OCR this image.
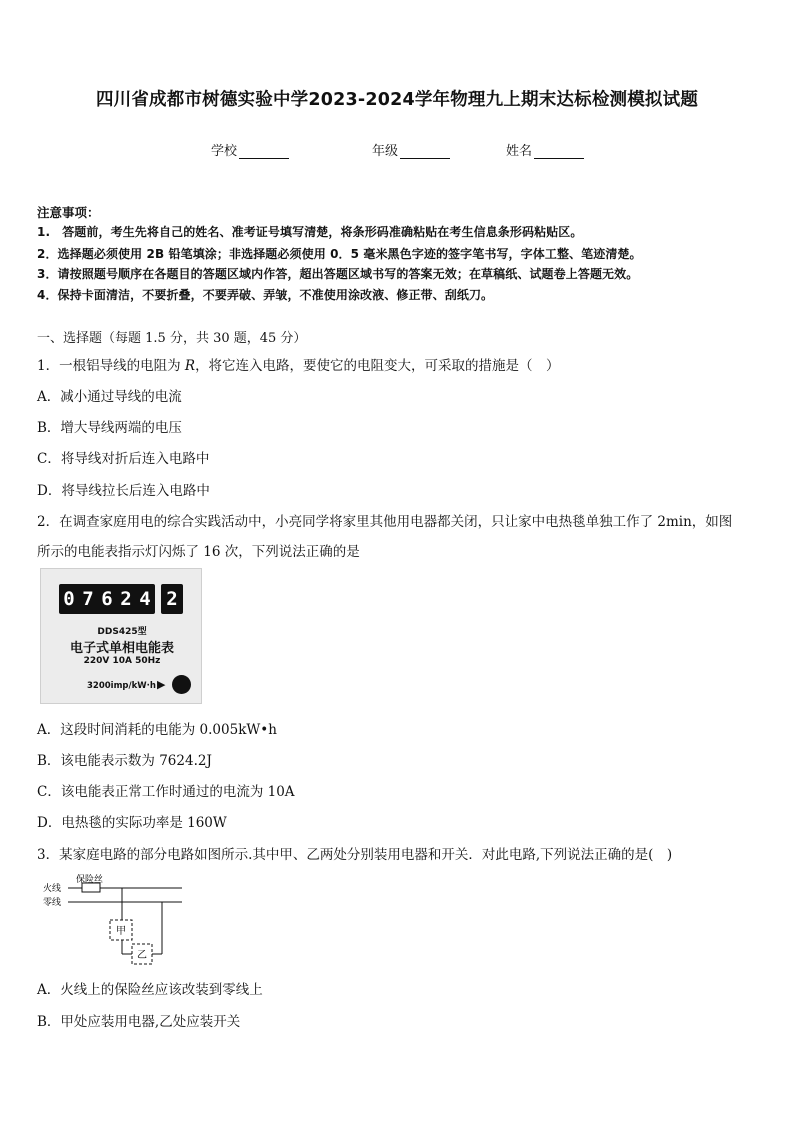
四川省成都市树德实验中学2023-2024学年物理九上期末达标检测模拟试题
学校	年级	姓名
注意事项：
1.　答题前，考生先将自己的姓名、准考证号填写清楚，将条形码准确粘贴在考生信息条形码粘贴区。
2．选择题必须使用 2B 铅笔填涂；非选择题必须使用 0．5 毫米黑色字迹的签字笔书写，字体工整、笔迹清楚。
3．请按照题号顺序在各题目的答题区域内作答，超出答题区域书写的答案无效；在草稿纸、试题卷上答题无效。
4．保持卡面清洁，不要折叠，不要弄破、弄皱，不准使用涂改液、修正带、刮纸刀。
一、选择题（每题 1.5 分，共 30 题，45 分）
1．一根铝导线的电阻为 R，将它连入电路，要使它的电阻变大，可采取的措施是（　）
A．减小通过导线的电流
B．增大导线两端的电压
C．将导线对折后连入电路中
D．将导线拉长后连入电路中
2．在调查家庭用电的综合实践活动中，小亮同学将家里其他用电器都关闭，只让家中电热毯单独工作了 2min，如图
所示的电能表指示灯闪烁了 16 次，下列说法正确的是
0 7 6 2 4 2
DDS425型
电子式单相电能表
220V 10A 50Hz
3200imp/kW·h ▶
A．这段时间消耗的电能为 0.005kW•h
B．该电能表示数为 7624.2J
C．该电能表正常工作时通过的电流为 10A
D．电热毯的实际功率是 160W
3．某家庭电路的部分电路如图所示.其中甲、乙两处分别装用电器和开关．对此电路,下列说法正确的是(　)
火线
零线
保险丝
甲
乙
A．火线上的保险丝应该改装到零线上
B．甲处应装用电器,乙处应装开关
